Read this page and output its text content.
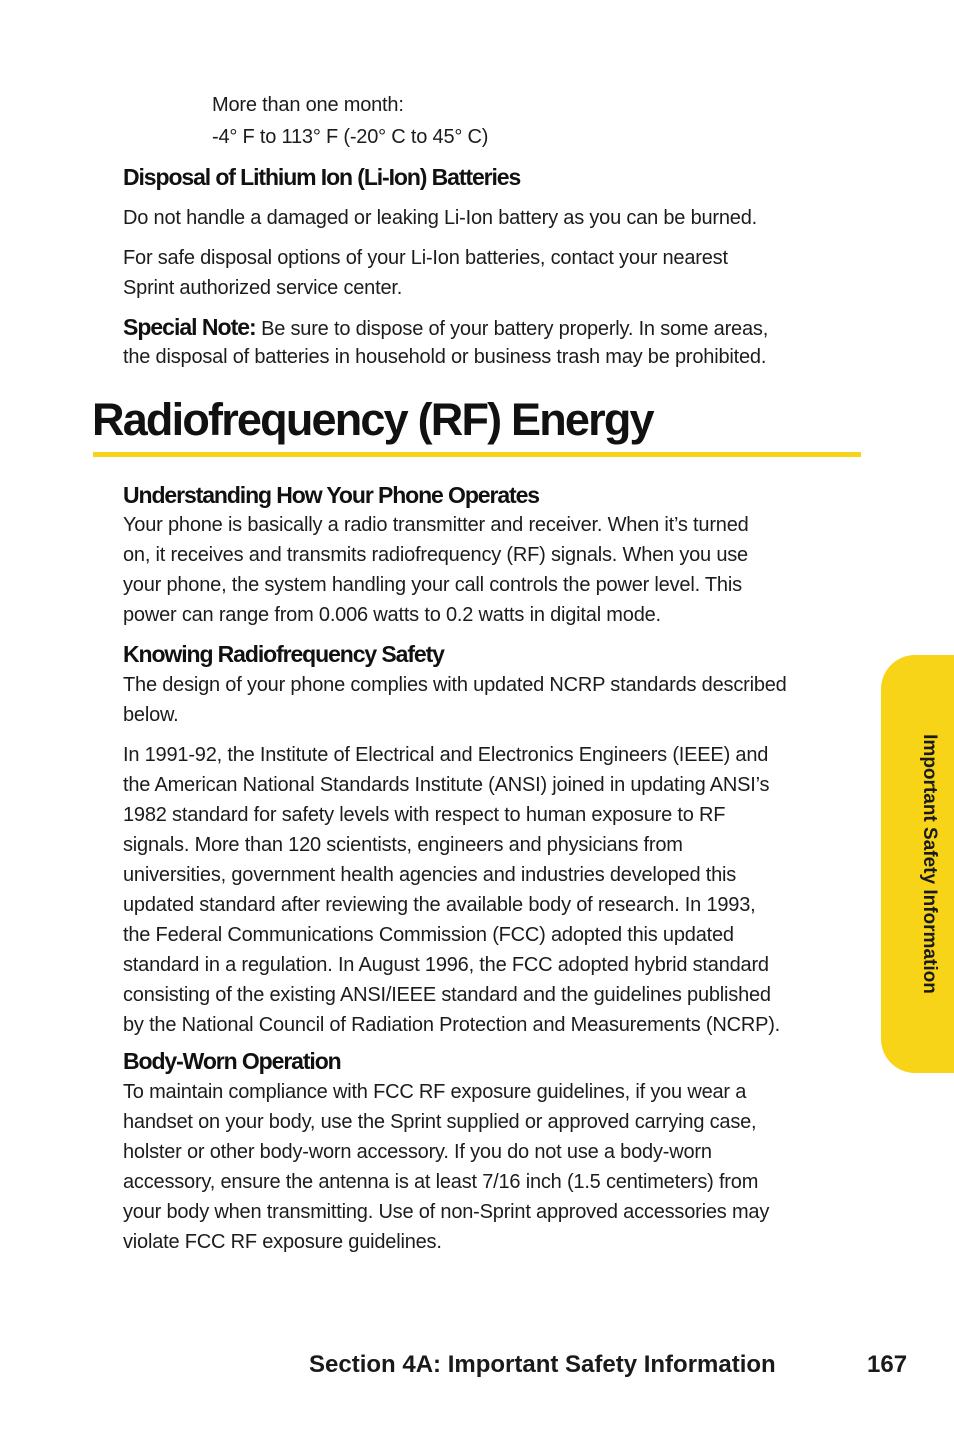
More than one month:
-4° F to 113° F (-20° C to 45° C)
Disposal of Lithium Ion (Li-Ion) Batteries
Do not handle a damaged or leaking Li-Ion battery as you can be burned.
For safe disposal options of your Li-Ion batteries, contact your nearest
Sprint authorized service center.
Special Note: Be sure to dispose of your battery properly. In some areas,
the disposal of batteries in household or business trash may be prohibited.
Radiofrequency (RF) Energy
Understanding How Your Phone Operates
Your phone is basically a radio transmitter and receiver. When it’s turned
on, it receives and transmits radiofrequency (RF) signals. When you use
your phone, the system handling your call controls the power level. This
power can range from 0.006 watts to 0.2 watts in digital mode.
Knowing Radiofrequency Safety
The design of your phone complies with updated NCRP standards described
below.
In 1991-92, the Institute of Electrical and Electronics Engineers (IEEE) and
the American National Standards Institute (ANSI) joined in updating ANSI’s
1982 standard for safety levels with respect to human exposure to RF
signals. More than 120 scientists, engineers and physicians from
universities, government health agencies and industries developed this
updated standard after reviewing the available body of research. In 1993,
the Federal Communications Commission (FCC) adopted this updated
standard in a regulation. In August 1996, the FCC adopted hybrid standard
consisting of the existing ANSI/IEEE standard and the guidelines published
by the National Council of Radiation Protection and Measurements (NCRP).
Body-Worn Operation
To maintain compliance with FCC RF exposure guidelines, if you wear a
handset on your body, use the Sprint supplied or approved carrying case,
holster or other body-worn accessory. If you do not use a body-worn
accessory, ensure the antenna is at least 7/16 inch (1.5 centimeters) from
your body when transmitting. Use of non-Sprint approved accessories may
violate FCC RF exposure guidelines.
Important Safety Information
Section 4A: Important Safety Information	167
